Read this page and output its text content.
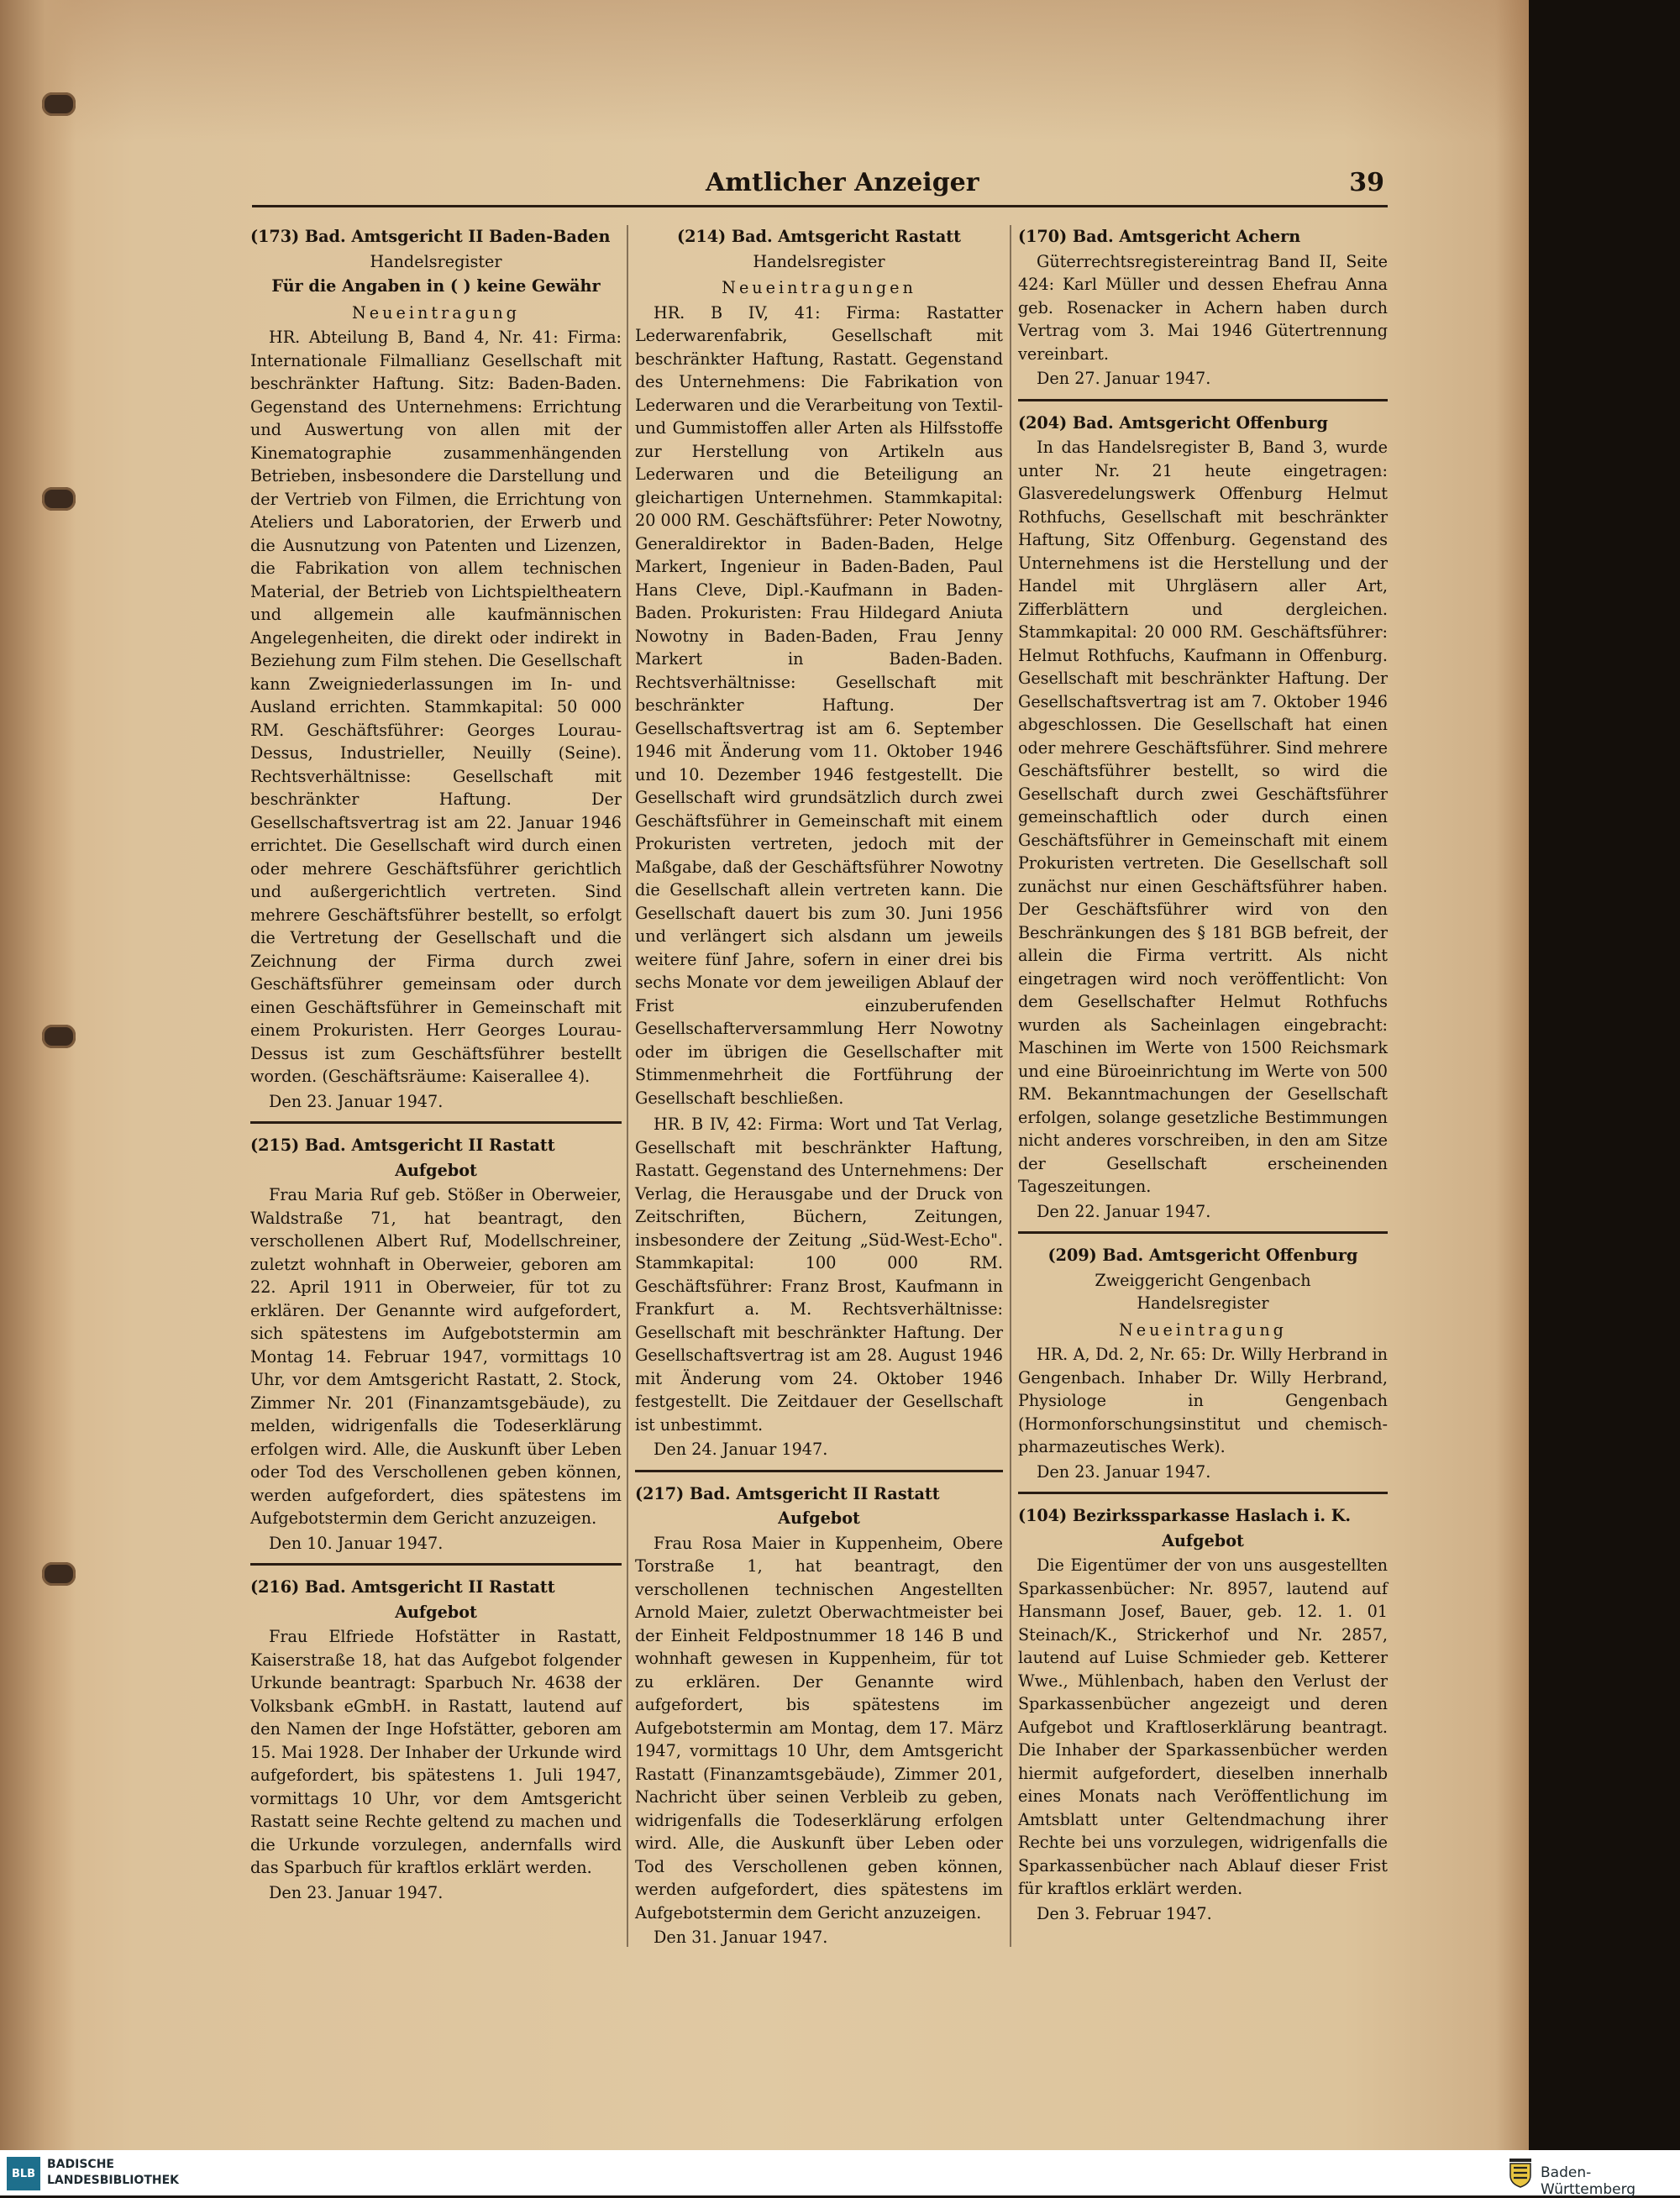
Amtlicher Anzeiger	39
(173) Bad. Amtsgericht II Baden-Baden

Handelsregister

Für die Angaben in ( ) keine Gewähr

Neueintragung

HR. Abteilung B, Band 4, Nr. 41: Firma: Internationale Filmallianz Gesellschaft mit beschränkter Haftung. Sitz: Baden-Baden. Gegenstand des Unternehmens: Errichtung und Auswertung von allen mit der Kinematographie zusammenhängenden Betrieben, insbesondere die Darstellung und der Vertrieb von Filmen, die Errichtung von Ateliers und Laboratorien, der Erwerb und die Ausnutzung von Patenten und Lizenzen, die Fabrikation von allem technischen Material, der Betrieb von Lichtspieltheatern und allgemein alle kaufmännischen Angelegenheiten, die direkt oder indirekt in Beziehung zum Film stehen. Die Gesellschaft kann Zweigniederlassungen im In- und Ausland errichten. Stammkapital: 50 000 RM. Geschäftsführer: Georges Lourau-Dessus, Industrieller, Neuilly (Seine). Rechtsverhältnisse: Gesellschaft mit beschränkter Haftung. Der Gesellschaftsvertrag ist am 22. Januar 1946 errichtet. Die Gesellschaft wird durch einen oder mehrere Geschäftsführer gerichtlich und außergerichtlich vertreten. Sind mehrere Geschäftsführer bestellt, so erfolgt die Vertretung der Gesellschaft und die Zeichnung der Firma durch zwei Geschäftsführer gemeinsam oder durch einen Geschäftsführer in Gemeinschaft mit einem Prokuristen. Herr Georges Lourau-Dessus ist zum Geschäftsführer bestellt worden. (Geschäftsräume: Kaiserallee 4).

Den 23. Januar 1947.

(215) Bad. Amtsgericht II Rastatt

Aufgebot

Frau Maria Ruf geb. Stößer in Oberweier, Waldstraße 71, hat beantragt, den verschollenen Albert Ruf, Modellschreiner, zuletzt wohnhaft in Oberweier, geboren am 22. April 1911 in Oberweier, für tot zu erklären. Der Genannte wird aufgefordert, sich spätestens im Aufgebotstermin am Montag 14. Februar 1947, vormittags 10 Uhr, vor dem Amtsgericht Rastatt, 2. Stock, Zimmer Nr. 201 (Finanzamtsgebäude), zu melden, widrigenfalls die Todeserklärung erfolgen wird. Alle, die Auskunft über Leben oder Tod des Verschollenen geben können, werden aufgefordert, dies spätestens im Aufgebotstermin dem Gericht anzuzeigen.

Den 10. Januar 1947.

(216) Bad. Amtsgericht II Rastatt

Aufgebot

Frau Elfriede Hofstätter in Rastatt, Kaiserstraße 18, hat das Aufgebot folgender Urkunde beantragt: Sparbuch Nr. 4638 der Volksbank eGmbH. in Rastatt, lautend auf den Namen der Inge Hofstätter, geboren am 15. Mai 1928. Der Inhaber der Urkunde wird aufgefordert, bis spätestens 1. Juli 1947, vormittags 10 Uhr, vor dem Amtsgericht Rastatt seine Rechte geltend zu machen und die Urkunde vorzulegen, andernfalls wird das Sparbuch für kraftlos erklärt werden.

Den 23. Januar 1947.

(214) Bad. Amtsgericht Rastatt

Handelsregister

Neueintragungen

HR. B IV, 41: Firma: Rastatter Lederwarenfabrik, Gesellschaft mit beschränkter Haftung, Rastatt. Gegenstand des Unternehmens: Die Fabrikation von Lederwaren und die Verarbeitung von Textil- und Gummistoffen aller Arten als Hilfsstoffe zur Herstellung von Artikeln aus Lederwaren und die Beteiligung an gleichartigen Unternehmen. Stammkapital: 20 000 RM. Geschäftsführer: Peter Nowotny, Generaldirektor in Baden-Baden, Helge Markert, Ingenieur in Baden-Baden, Paul Hans Cleve, Dipl.-Kaufmann in Baden-Baden. Prokuristen: Frau Hildegard Aniuta Nowotny in Baden-Baden, Frau Jenny Markert in Baden-Baden. Rechtsverhältnisse: Gesellschaft mit beschränkter Haftung. Der Gesellschaftsvertrag ist am 6. September 1946 mit Änderung vom 11. Oktober 1946 und 10. Dezember 1946 festgestellt. Die Gesellschaft wird grundsätzlich durch zwei Geschäftsführer in Gemeinschaft mit einem Prokuristen vertreten, jedoch mit der Maßgabe, daß der Geschäftsführer Nowotny die Gesellschaft allein vertreten kann. Die Gesellschaft dauert bis zum 30. Juni 1956 und verlängert sich alsdann um jeweils weitere fünf Jahre, sofern in einer drei bis sechs Monate vor dem jeweiligen Ablauf der Frist einzuberufenden Gesellschafterversammlung Herr Nowotny oder im übrigen die Gesellschafter mit Stimmenmehrheit die Fortführung der Gesellschaft beschließen.

HR. B IV, 42: Firma: Wort und Tat Verlag, Gesellschaft mit beschränkter Haftung, Rastatt. Gegenstand des Unternehmens: Der Verlag, die Herausgabe und der Druck von Zeitschriften, Büchern, Zeitungen, insbesondere der Zeitung „Süd-West-Echo". Stammkapital: 100 000 RM. Geschäftsführer: Franz Brost, Kaufmann in Frankfurt a. M. Rechtsverhältnisse: Gesellschaft mit beschränkter Haftung. Der Gesellschaftsvertrag ist am 28. August 1946 mit Änderung vom 24. Oktober 1946 festgestellt. Die Zeitdauer der Gesellschaft ist unbestimmt.

Den 24. Januar 1947.

(217) Bad. Amtsgericht II Rastatt

Aufgebot

Frau Rosa Maier in Kuppenheim, Obere Torstraße 1, hat beantragt, den verschollenen technischen Angestellten Arnold Maier, zuletzt Oberwachtmeister bei der Einheit Feldpostnummer 18 146 B und wohnhaft gewesen in Kuppenheim, für tot zu erklären. Der Genannte wird aufgefordert, bis spätestens im Aufgebotstermin am Montag, dem 17. März 1947, vormittags 10 Uhr, dem Amtsgericht Rastatt (Finanzamtsgebäude), Zimmer 201, Nachricht über seinen Verbleib zu geben, widrigenfalls die Todeserklärung erfolgen wird. Alle, die Auskunft über Leben oder Tod des Verschollenen geben können, werden aufgefordert, dies spätestens im Aufgebotstermin dem Gericht anzuzeigen.

Den 31. Januar 1947.

(170) Bad. Amtsgericht Achern

Güterrechtsregistereintrag Band II, Seite 424: Karl Müller und dessen Ehefrau Anna geb. Rosenacker in Achern haben durch Vertrag vom 3. Mai 1946 Gütertrennung vereinbart.

Den 27. Januar 1947.

(204) Bad. Amtsgericht Offenburg

In das Handelsregister B, Band 3, wurde unter Nr. 21 heute eingetragen: Glasveredelungswerk Offenburg Helmut Rothfuchs, Gesellschaft mit beschränkter Haftung, Sitz Offenburg. Gegenstand des Unternehmens ist die Herstellung und der Handel mit Uhrgläsern aller Art, Zifferblättern und dergleichen. Stammkapital: 20 000 RM. Geschäftsführer: Helmut Rothfuchs, Kaufmann in Offenburg. Gesellschaft mit beschränkter Haftung. Der Gesellschaftsvertrag ist am 7. Oktober 1946 abgeschlossen. Die Gesellschaft hat einen oder mehrere Geschäftsführer. Sind mehrere Geschäftsführer bestellt, so wird die Gesellschaft durch zwei Geschäftsführer gemeinschaftlich oder durch einen Geschäftsführer in Gemeinschaft mit einem Prokuristen vertreten. Die Gesellschaft soll zunächst nur einen Geschäftsführer haben. Der Geschäftsführer wird von den Beschränkungen des § 181 BGB befreit, der allein die Firma vertritt. Als nicht eingetragen wird noch veröffentlicht: Von dem Gesellschafter Helmut Rothfuchs wurden als Sacheinlagen eingebracht: Maschinen im Werte von 1500 Reichsmark und eine Büroeinrichtung im Werte von 500 RM. Bekanntmachungen der Gesellschaft erfolgen, solange gesetzliche Bestimmungen nicht anderes vorschreiben, in den am Sitze der Gesellschaft erscheinenden Tageszeitungen.

Den 22. Januar 1947.

(209) Bad. Amtsgericht Offenburg

Zweiggericht Gengenbach

Handelsregister

Neueintragung

HR. A, Dd. 2, Nr. 65: Dr. Willy Herbrand in Gengenbach. Inhaber Dr. Willy Herbrand, Physiologe in Gengenbach (Hormonforschungsinstitut und chemisch-pharmazeutisches Werk).

Den 23. Januar 1947.

(104) Bezirkssparkasse Haslach i. K.

Aufgebot

Die Eigentümer der von uns ausgestellten Sparkassenbücher: Nr. 8957, lautend auf Hansmann Josef, Bauer, geb. 12. 1. 01 Steinach/K., Strickerhof und Nr. 2857, lautend auf Luise Schmieder geb. Ketterer Wwe., Mühlenbach, haben den Verlust der Sparkassenbücher angezeigt und deren Aufgebot und Kraftloserklärung beantragt. Die Inhaber der Sparkassenbücher werden hiermit aufgefordert, dieselben innerhalb eines Monats nach Veröffentlichung im Amtsblatt unter Geltendmachung ihrer Rechte bei uns vorzulegen, widrigenfalls die Sparkassenbücher nach Ablauf dieser Frist für kraftlos erklärt werden.

Den 3. Februar 1947.

BLB
BADISCHE
LANDESBIBLIOTHEK	Baden-Württemberg
